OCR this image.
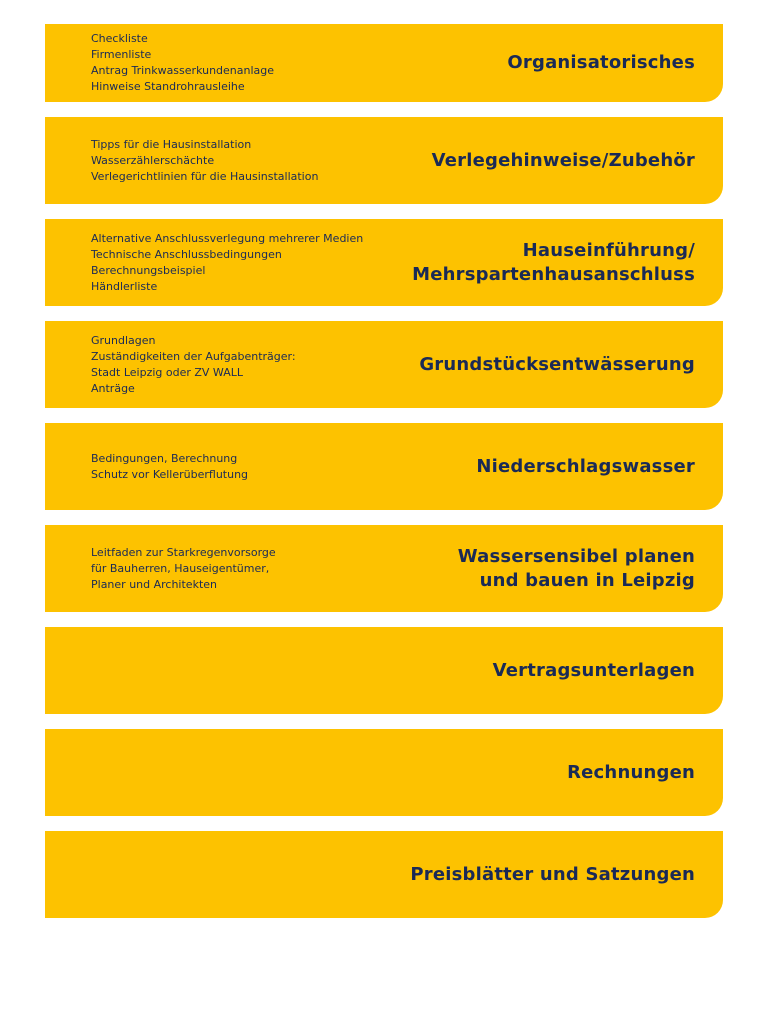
Checkliste
Firmenliste
Antrag Trinkwasserkundenanlage
Hinweise Standrohrausleihe
Organisatorisches
Tipps für die Hausinstallation
Wasserzählerschächte
Verlegerichtlinien für die Hausinstallation
Verlegehinweise/Zubehör
Alternative Anschlussverlegung mehrerer Medien
Technische Anschlussbedingungen
Berechnungsbeispiel
Händlerliste
Hauseinführung/
Mehrspartenhausanschluss
Grundlagen
Zuständigkeiten der Aufgabenträger:
Stadt Leipzig oder ZV WALL
Anträge
Grundstücksentwässerung
Bedingungen, Berechnung
Schutz vor Kellerüberflutung	Niederschlagswasser
Leitfaden zur Starkregenvorsorge
für Bauherren, Hauseigentümer,
Planer und Architekten
Wassersensibel planen
und bauen in Leipzig
Vertragsunterlagen
Rechnungen
Preisblätter und Satzungen
